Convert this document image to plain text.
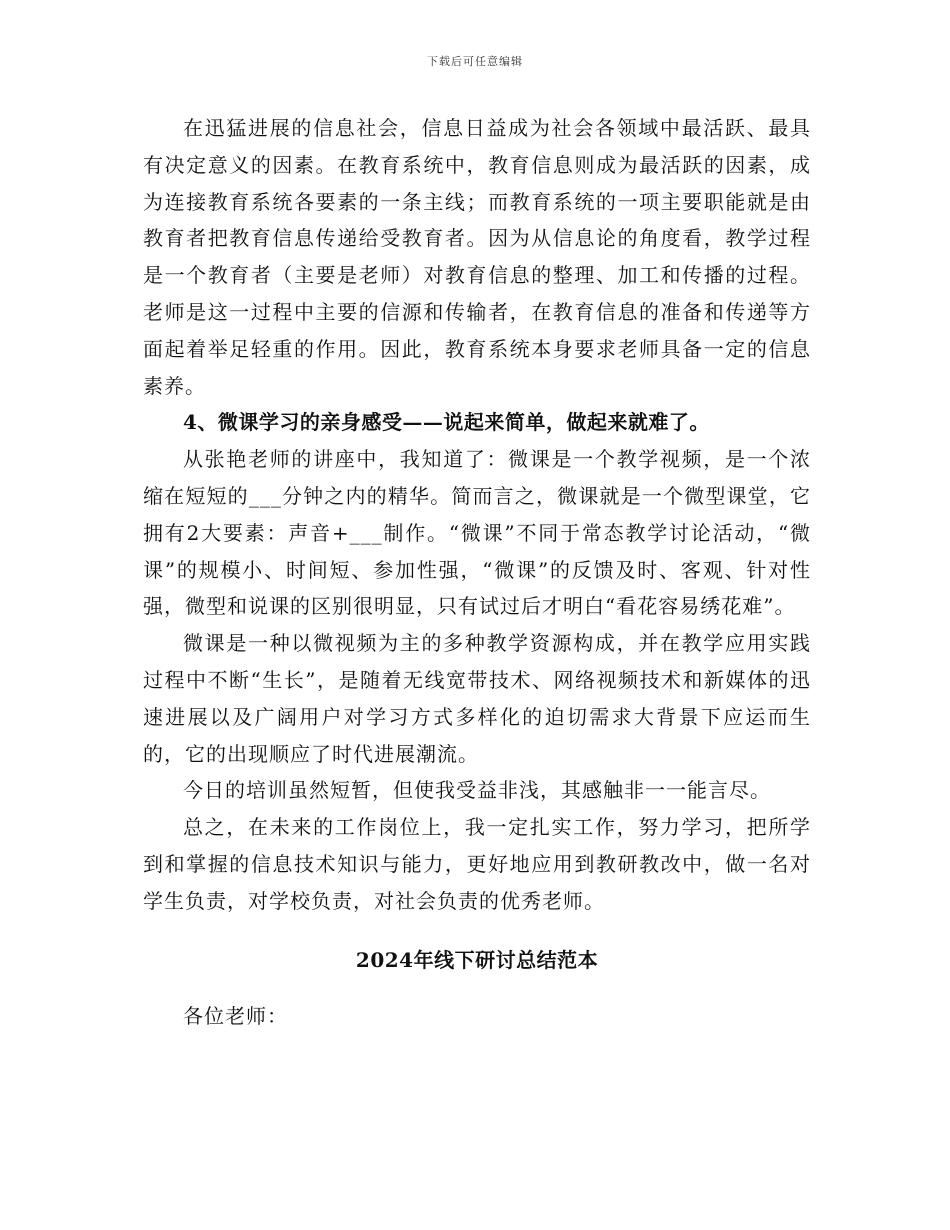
下载后可任意编辑

在迅猛进展的信息社会，信息日益成为社会各领域中最活跃、最具有决定意义的因素。在教育系统中，教育信息则成为最活跃的因素，成为连接教育系统各要素的一条主线；而教育系统的一项主要职能就是由教育者把教育信息传递给受教育者。因为从信息论的角度看，教学过程是一个教育者（主要是老师）对教育信息的整理、加工和传播的过程。老师是这一过程中主要的信源和传输者，在教育信息的准备和传递等方面起着举足轻重的作用。因此，教育系统本身要求老师具备一定的信息素养。

4、微课学习的亲身感受——说起来简单，做起来就难了。

从张艳老师的讲座中，我知道了：微课是一个教学视频，是一个浓缩在短短的___分钟之内的精华。简而言之，微课就是一个微型课堂，它拥有2大要素：声音+___制作。“微课”不同于常态教学讨论活动，“微课”的规模小、时间短、参加性强，“微课”的反馈及时、客观、针对性强，微型和说课的区别很明显，只有试过后才明白“看花容易绣花难”。

微课是一种以微视频为主的多种教学资源构成，并在教学应用实践过程中不断“生长”，是随着无线宽带技术、网络视频技术和新媒体的迅速进展以及广阔用户对学习方式多样化的迫切需求大背景下应运而生的，它的出现顺应了时代进展潮流。

今日的培训虽然短暂，但使我受益非浅，其感触非一一能言尽。

总之，在未来的工作岗位上，我一定扎实工作，努力学习，把所学到和掌握的信息技术知识与能力，更好地应用到教研教改中，做一名对学生负责，对学校负责，对社会负责的优秀老师。

2024年线下研讨总结范本

各位老师：
